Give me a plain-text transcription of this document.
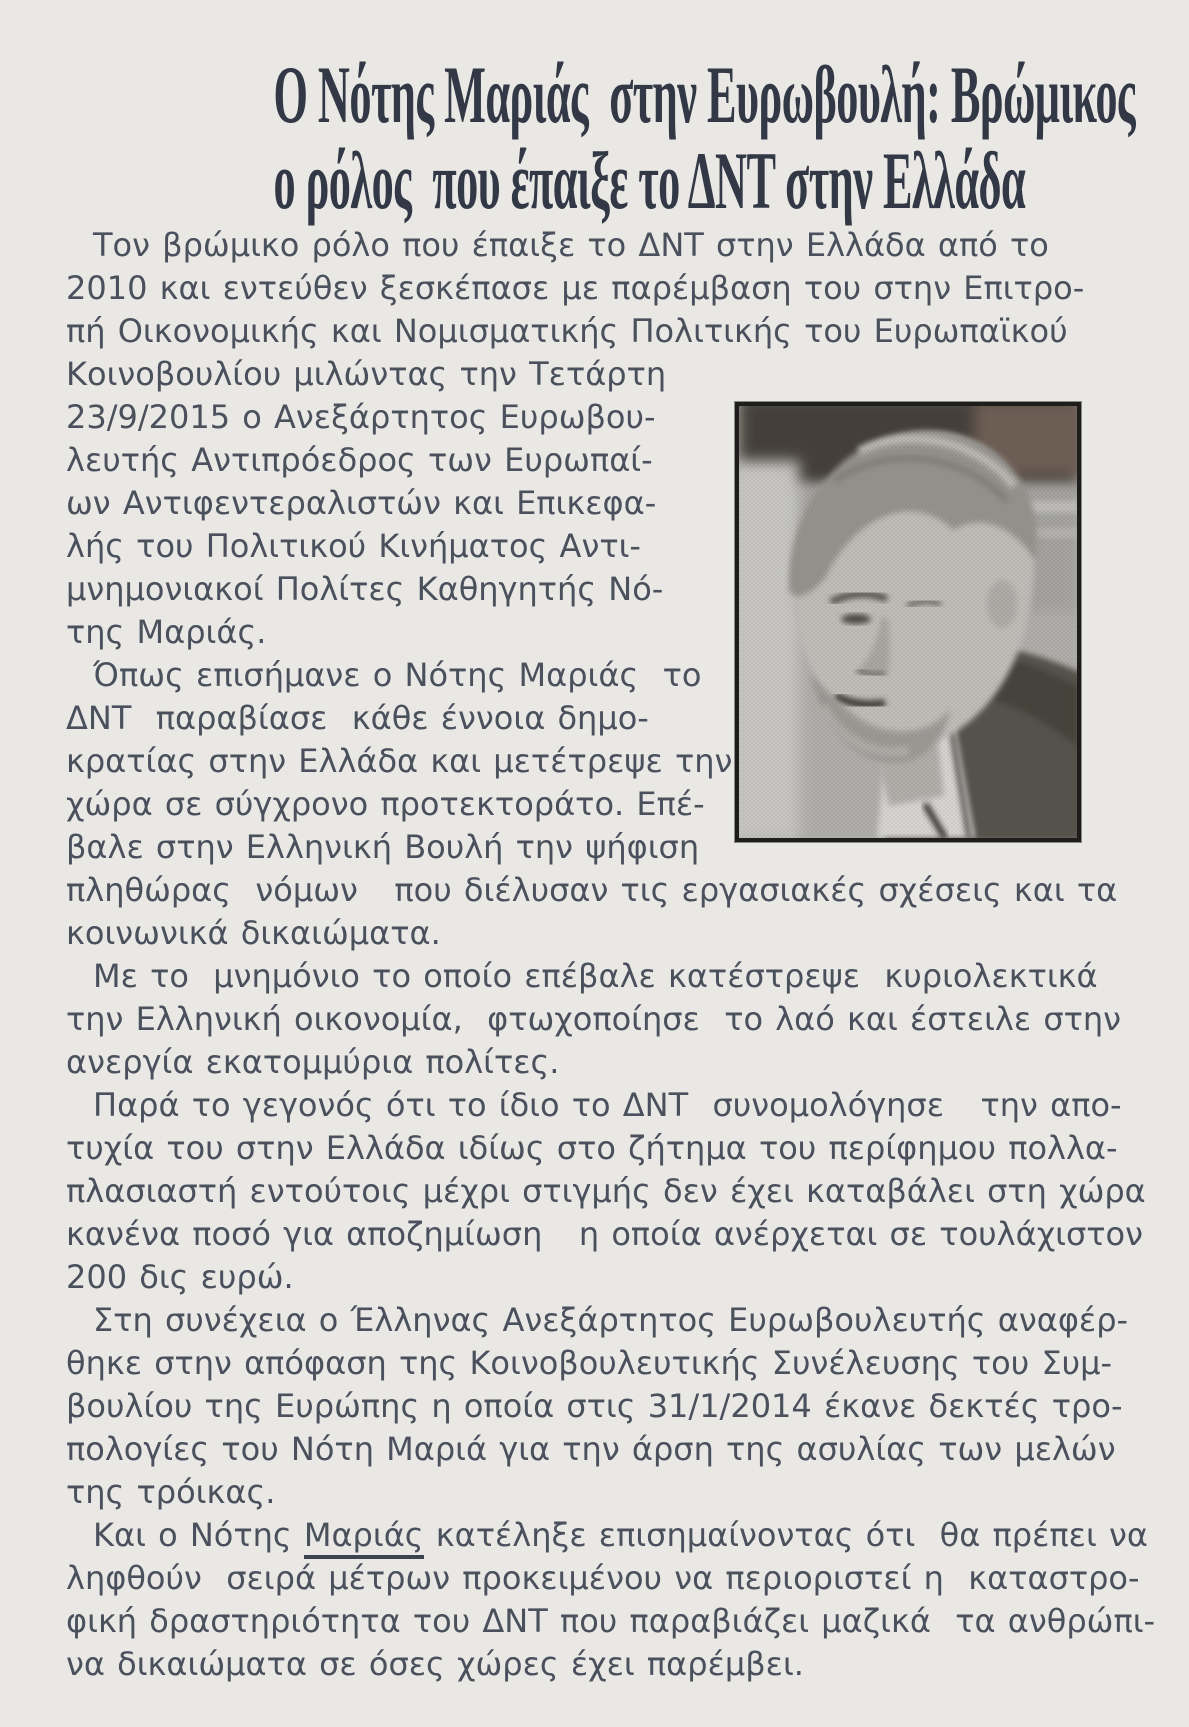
Ο Νότης Μαριάς  στην Ευρωβουλή: Βρώμικος
ο ρόλος  που έπαιξε το ΔΝΤ στην Ελλάδα
Τον βρώμικο ρόλο που έπαιξε το ΔΝΤ στην Ελλάδα από το
2010 και εντεύθεν ξεσκέπασε με παρέμβαση του στην Επιτρο-
πή Οικονομικής και Νομισματικής Πολιτικής του Ευρωπαϊκού
Κοινοβουλίου μιλώντας την Τετάρτη
23/9/2015 ο Ανεξάρτητος Ευρωβου-
λευτής Αντιπρόεδρος των Ευρωπαί-
ων Αντιφεντεραλιστών και Επικεφα-
λής του Πολιτικού Κινήματος Αντι-
μνημονιακοί Πολίτες Καθηγητής Νό-
της Μαριάς.
Όπως επισήμανε ο Νότης Μαριάς  το
ΔΝΤ  παραβίασε  κάθε έννοια δημο-
κρατίας στην Ελλάδα και μετέτρεψε την
χώρα σε σύγχρονο προτεκτοράτο. Επέ-
βαλε στην Ελληνική Βουλή την ψήφιση
πληθώρας  νόμων   που διέλυσαν τις εργασιακές σχέσεις και τα
κοινωνικά δικαιώματα.
Με το  μνημόνιο το οποίο επέβαλε κατέστρεψε  κυριολεκτικά
την Ελληνική οικονομία,  φτωχοποίησε  το λαό και έστειλε στην
ανεργία εκατομμύρια πολίτες.
Παρά το γεγονός ότι το ίδιο το ΔΝΤ  συνομολόγησε   την απο-
τυχία του στην Ελλάδα ιδίως στο ζήτημα του περίφημου πολλα-
πλασιαστή εντούτοις μέχρι στιγμής δεν έχει καταβάλει στη χώρα
κανένα ποσό για αποζημίωση   η οποία ανέρχεται σε τουλάχιστον
200 δις ευρώ.
Στη συνέχεια ο Έλληνας Ανεξάρτητος Ευρωβουλευτής αναφέρ-
θηκε στην απόφαση της Κοινοβουλευτικής Συνέλευσης του Συμ-
βουλίου της Ευρώπης η οποία στις 31/1/2014 έκανε δεκτές τρο-
πολογίες του Νότη Μαριά για την άρση της ασυλίας των μελών
της τρόικας.
Και ο Νότης Μαριάς κατέληξε επισημαίνοντας ότι  θα πρέπει να
ληφθούν  σειρά μέτρων προκειμένου να περιοριστεί η  καταστρο-
φική δραστηριότητα του ΔΝΤ που παραβιάζει μαζικά  τα ανθρώπι-
να δικαιώματα σε όσες χώρες έχει παρέμβει.
